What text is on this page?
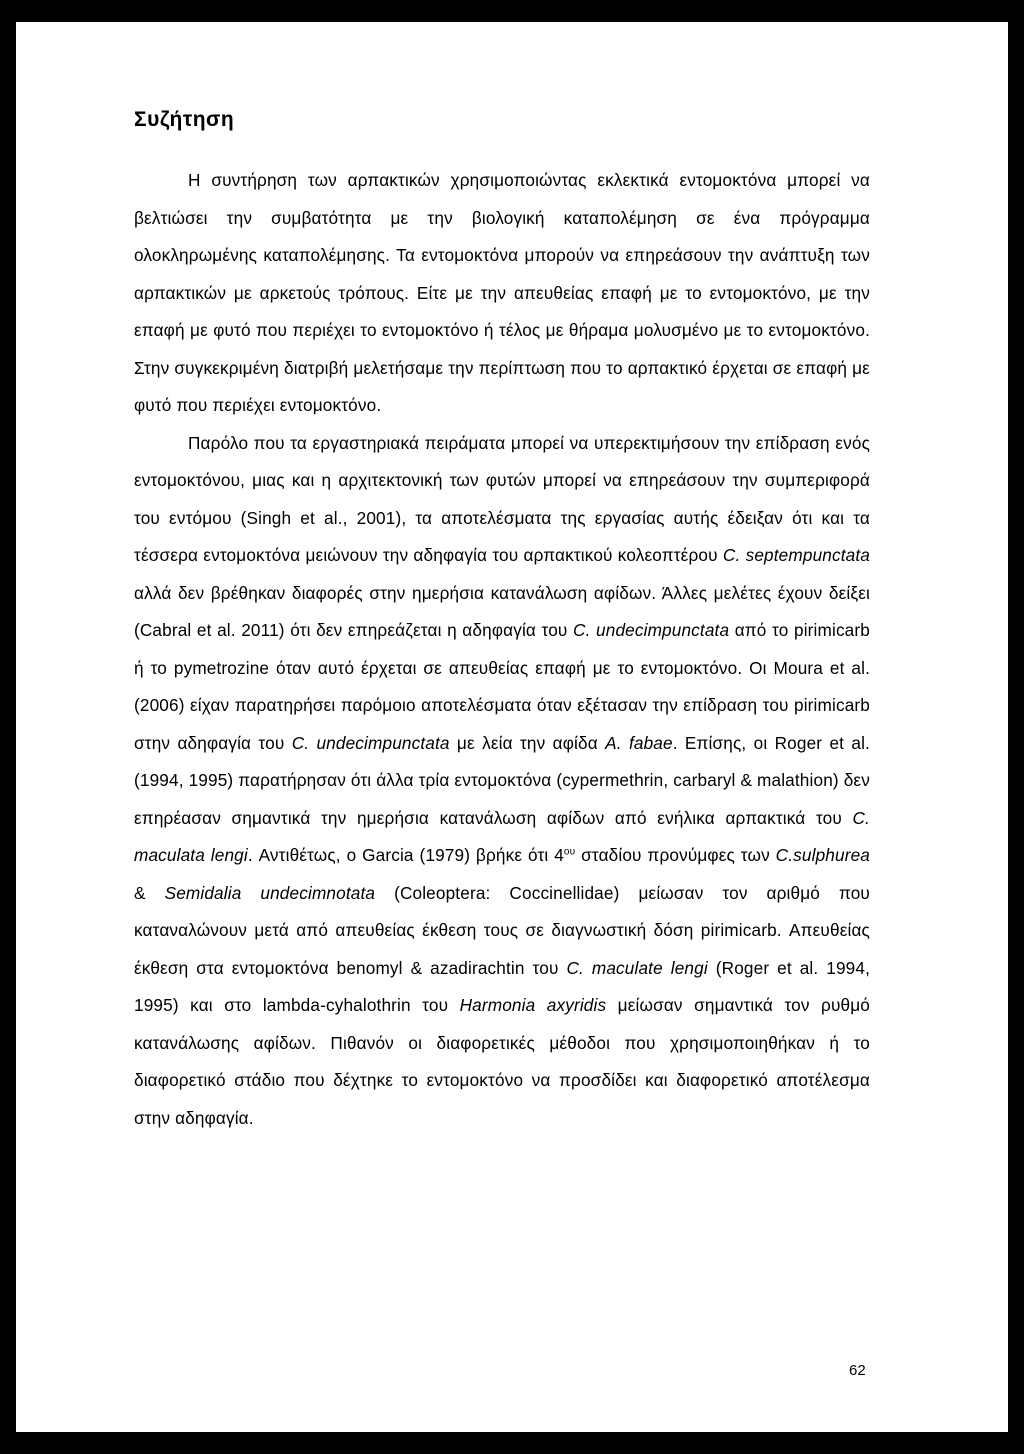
Συζήτηση

Η συντήρηση των αρπακτικών χρησιμοποιώντας εκλεκτικά εντομοκτόνα μπορεί να βελτιώσει την συμβατότητα με την βιολογική καταπολέμηση σε ένα πρόγραμμα ολοκληρωμένης καταπολέμησης. Τα εντομοκτόνα μπορούν να επηρεάσουν την ανάπτυξη των αρπακτικών με αρκετούς τρόπους. Είτε με την απευθείας επαφή με το εντομοκτόνο, με την επαφή με φυτό που περιέχει το εντομοκτόνο ή τέλος με θήραμα μολυσμένο με το εντομοκτόνο. Στην συγκεκριμένη διατριβή μελετήσαμε την περίπτωση που το αρπακτικό έρχεται σε επαφή με φυτό που περιέχει εντομοκτόνο.

Παρόλο που τα εργαστηριακά πειράματα μπορεί να υπερεκτιμήσουν την επίδραση ενός εντομοκτόνου, μιας και η αρχιτεκτονική των φυτών μπορεί να επηρεάσουν την συμπεριφορά του εντόμου (Singh et al., 2001), τα αποτελέσματα της εργασίας αυτής έδειξαν ότι και τα τέσσερα εντομοκτόνα μειώνουν την αδηφαγία του αρπακτικού κολεοπτέρου C. septempunctata αλλά δεν βρέθηκαν διαφορές στην ημερήσια κατανάλωση αφίδων. Άλλες μελέτες έχουν δείξει (Cabral et al. 2011) ότι δεν επηρεάζεται η αδηφαγία του C. undecimpunctata από το pirimicarb ή το pymetrozine όταν αυτό έρχεται σε απευθείας επαφή με το εντομοκτόνο. Οι Moura et al. (2006) είχαν παρατηρήσει παρόμοιο αποτελέσματα όταν εξέτασαν την επίδραση του pirimicarb στην αδηφαγία του C. undecimpunctata με λεία την αφίδα A. fabae. Επίσης, οι Roger et al. (1994, 1995) παρατήρησαν ότι άλλα τρία εντομοκτόνα (cypermethrin, carbaryl & malathion) δεν επηρέασαν σημαντικά την ημερήσια κατανάλωση αφίδων από ενήλικα αρπακτικά του C. maculata lengi. Αντιθέτως, ο Garcia (1979) βρήκε ότι $4^{o\upsilon}$ σταδίου προνύμφες των C.sulphurea & Semidalia undecimnotata (Coleoptera: Coccinellidae) μείωσαν τον αριθμό που καταναλώνουν μετά από απευθείας έκθεση τους σε διαγνωστική δόση pirimicarb. Απευθείας έκθεση στα εντομοκτόνα benomyl & azadirachtin του C. maculate lengi (Roger et al. 1994, 1995) και στο lambda-cyhalothrin του Harmonia axyridis μείωσαν σημαντικά τον ρυθμό κατανάλωσης αφίδων. Πιθανόν οι διαφορετικές μέθοδοι που χρησιμοποιηθήκαν ή το διαφορετικό στάδιο που δέχτηκε το εντομοκτόνο να προσδίδει και διαφορετικό αποτέλεσμα στην αδηφαγία.

62
